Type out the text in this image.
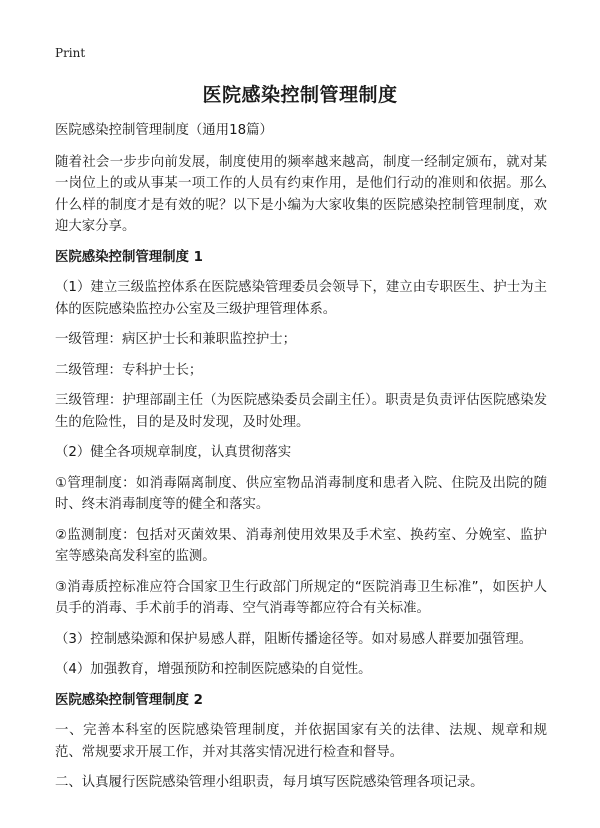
Print
医院感染控制管理制度

医院感染控制管理制度（通用18篇）

随着社会一步步向前发展，制度使用的频率越来越高，制度一经制定颁布，就对某一岗位上的或从事某一项工作的人员有约束作用，是他们行动的准则和依据。那么什么样的制度才是有效的呢？以下是小编为大家收集的医院感染控制管理制度，欢迎大家分享。

医院感染控制管理制度 1

（1）建立三级监控体系在医院感染管理委员会领导下，建立由专职医生、护士为主体的医院感染监控办公室及三级护理管理体系。

一级管理：病区护士长和兼职监控护士；

二级管理：专科护士长；

三级管理：护理部副主任（为医院感染委员会副主任）。职责是负责评估医院感染发生的危险性，目的是及时发现，及时处理。

（2）健全各项规章制度，认真贯彻落实

①管理制度：如消毒隔离制度、供应室物品消毒制度和患者入院、住院及出院的随时、终末消毒制度等的健全和落实。

②监测制度：包括对灭菌效果、消毒剂使用效果及手术室、换药室、分娩室、监护室等感染高发科室的监测。

③消毒质控标准应符合国家卫生行政部门所规定的“医院消毒卫生标准”，如医护人员手的消毒、手术前手的消毒、空气消毒等都应符合有关标准。

（3）控制感染源和保护易感人群，阻断传播途径等。如对易感人群要加强管理。

（4）加强教育，增强预防和控制医院感染的自觉性。

医院感染控制管理制度 2

一、完善本科室的医院感染管理制度，并依据国家有关的法律、法规、规章和规范、常规要求开展工作，并对其落实情况进行检查和督导。

二、认真履行医院感染管理小组职责，每月填写医院感染管理各项记录。
